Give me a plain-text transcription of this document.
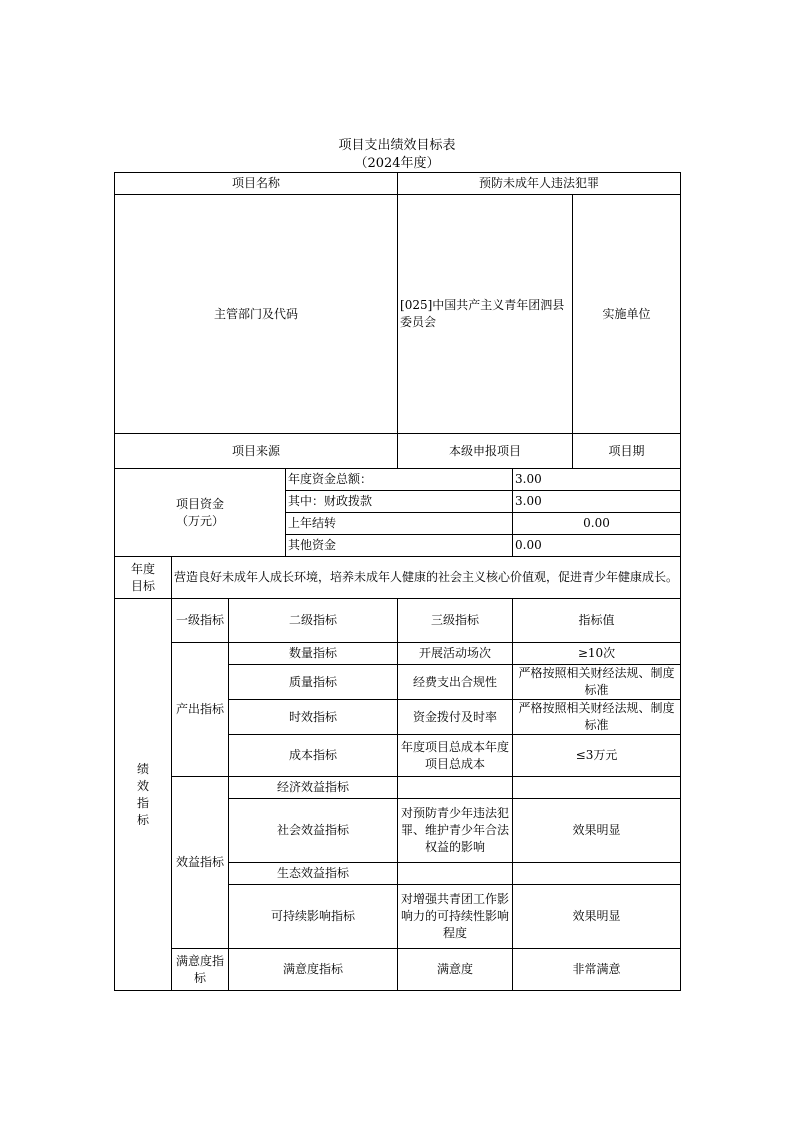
项目支出绩效目标表
（2024年度）
项目名称				预防未成年人违法犯罪			
主管部门及代码				[025]中国共产主义青年团泗县委员会		实施单位	
项目来源				本级申报项目		项目期	

项目资金
（万元）			年度资金总额：		3.00		
			其中：财政拨款		3.00		
			上年结转		0.00		
			其他资金		0.00		

年度
目标	营造良好未成年人成长环境，培养未成年人健康的社会主义核心价值观，促进青少年健康成长。						

绩
效
指
标	一级指标	二级指标		三级指标	指标值		
	产出指标	数量指标		开展活动场次	≥10次		
		质量指标		经费支出合规性	严格按照相关财经法规、制度标准		
		时效指标		资金拨付及时率	严格按照相关财经法规、制度标准		
		成本指标		年度项目总成本年度项目总成本	≤3万元		
	效益指标	经济效益指标					
		社会效益指标		对预防青少年违法犯罪、维护青少年合法权益的影响	效果明显		
		生态效益指标					
		可持续影响指标		对增强共青团工作影响力的可持续性影响程度	效果明显		
	满意度指标	满意度指标		满意度	非常满意		
